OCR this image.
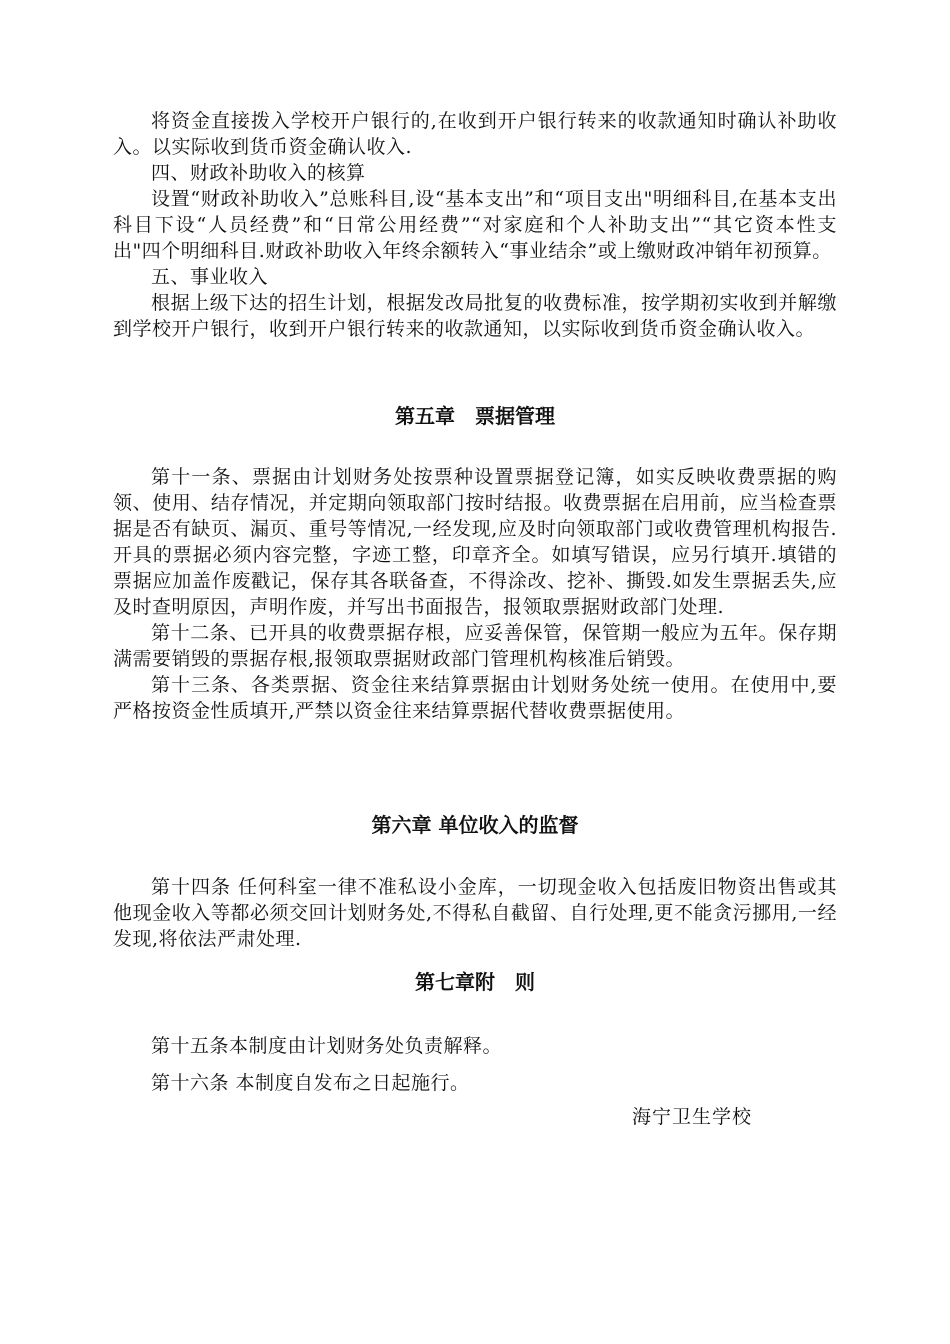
将资金直接拨入学校开户银行的,在收到开户银行转来的收款通知时确认补助收入。以实际收到货币资金确认收入.

四、财政补助收入的核算

设置“财政补助收入”总账科目,设“基本支出”和“项目支出"明细科目,在基本支出科目下设“人员经费”和“日常公用经费”“对家庭和个人补助支出”“其它资本性支出"四个明细科目.财政补助收入年终余额转入“事业结余”或上缴财政冲销年初预算。

五、事业收入

根据上级下达的招生计划，根据发改局批复的收费标准，按学期初实收到并解缴到学校开户银行，收到开户银行转来的收款通知，以实际收到货币资金确认收入。

第五章　票据管理

第十一条、票据由计划财务处按票种设置票据登记簿，如实反映收费票据的购领、使用、结存情况，并定期向领取部门按时结报。收费票据在启用前，应当检查票据是否有缺页、漏页、重号等情况,一经发现,应及时向领取部门或收费管理机构报告.开具的票据必须内容完整，字迹工整，印章齐全。如填写错误，应另行填开.填错的票据应加盖作废戳记，保存其各联备查，不得涂改、挖补、撕毁.如发生票据丢失,应及时查明原因，声明作废，并写出书面报告，报领取票据财政部门处理.

第十二条、已开具的收费票据存根，应妥善保管，保管期一般应为五年。保存期满需要销毁的票据存根,报领取票据财政部门管理机构核准后销毁。

第十三条、各类票据、资金往来结算票据由计划财务处统一使用。在使用中,要严格按资金性质填开,严禁以资金往来结算票据代替收费票据使用。

第六章 单位收入的监督

第十四条 任何科室一律不准私设小金库，一切现金收入包括废旧物资出售或其他现金收入等都必须交回计划财务处,不得私自截留、自行处理,更不能贪污挪用,一经发现,将依法严肃处理.

第七章附　则

第十五条本制度由计划财务处负责解释。

第十六条 本制度自发布之日起施行。

海宁卫生学校
